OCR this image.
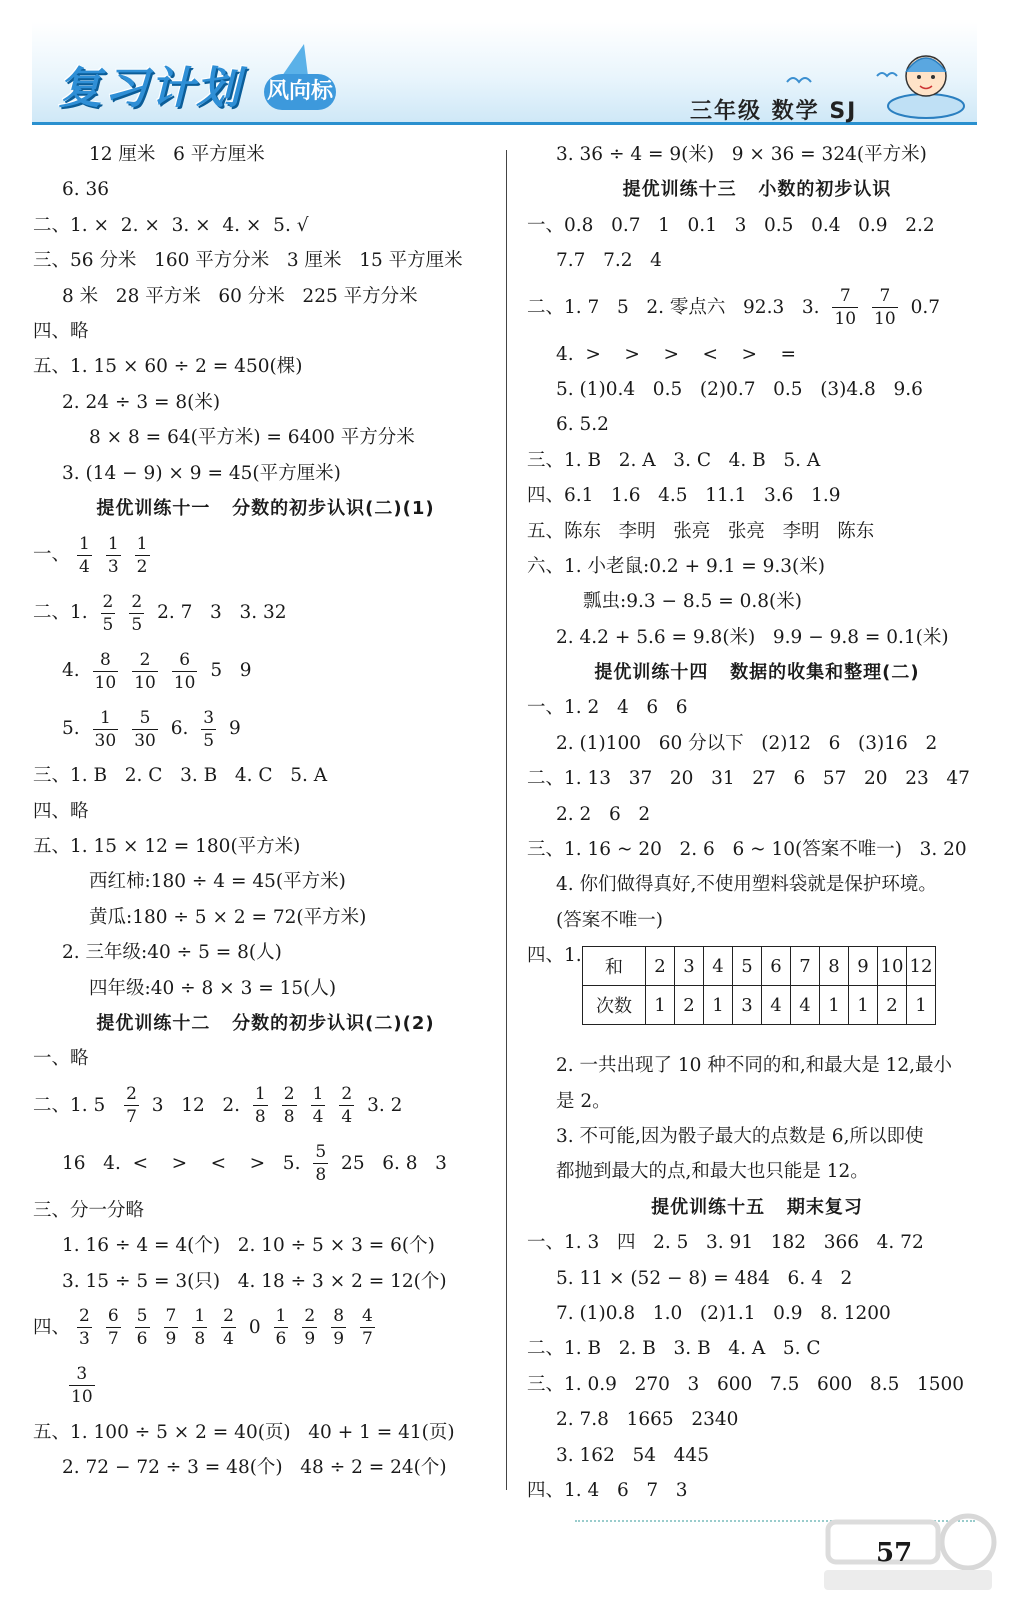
复习计划 风向标
三年级 数学 SJ
12 厘米   6 平方厘米
6. 36
二、1. ×  2. ×  3. ×  4. ×  5. √
三、56 分米   160 平方分米   3 厘米   15 平方厘米
8 米   28 平方米   60 分米   225 平方分米
四、略
五、1. 15 × 60 ÷ 2 = 450(棵)
2. 24 ÷ 3 = 8(米)
8 × 8 = 64(平方米) = 6400 平方分米
3. (14 − 9) × 9 = 45(平方厘米)
提优训练十一   分数的初步认识(二)(1)
一、 $\frac{1}{4} \frac{1}{3} \frac{1}{2}$
二、1. $\frac{2}{5} \frac{2}{5} 2$. 7   3   3. 32
4. $\frac{8}{10} \frac{2}{10} \frac{6}{10} 5$   9
5. $\frac{1}{30} \frac{5}{30} 6$. $\frac{3}{5} 9$
三、1. B   2. C   3. B   4. C   5. A
四、略
五、1. 15 × 12 = 180(平方米)
西红柿:180 ÷ 4 = 45(平方米)
黄瓜:180 ÷ 5 × 2 = 72(平方米)
2. 三年级:40 ÷ 5 = 8(人)
四年级:40 ÷ 8 × 3 = 15(人)
提优训练十二   分数的初步认识(二)(2)
一、略
二、1. $5 \frac{2}{7} 3$   12   2. $\frac{1}{8} \frac{2}{8} \frac{1}{4} \frac{2}{4} 3$. 2
16   4.  <    >    <    >   5. $\frac{5}{8} 25$   6. 8   3
三、分一分略
1. 16 ÷ 4 = 4(个)   2. 10 ÷ 5 × 3 = 6(个)
3. 15 ÷ 5 = 3(只)   4. 18 ÷ 3 × 2 = 12(个)
四、 $\frac{2}{3} \frac{6}{7} \frac{5}{6} \frac{7}{9} \frac{1}{8} \frac{2}{4} 0 \frac{1}{6} \frac{2}{9} \frac{8}{9} \frac{4}{7}$
$\frac{3}{10}$
五、1. 100 ÷ 5 × 2 = 40(页)   40 + 1 = 41(页)
2. 72 − 72 ÷ 3 = 48(个)   48 ÷ 2 = 24(个)
3. 36 ÷ 4 = 9(米)   9 × 36 = 324(平方米)
提优训练十三   小数的初步认识
一、0.8   0.7   1   0.1   3   0.5   0.4   0.9   2.2
7.7   7.2   4
二、1. 7   5   2. 零点六   92.3   3. $\frac{7}{10} \frac{7}{10} 0.7$
4.  >    >    >    <    >    =
5. (1)0.4   0.5   (2)0.7   0.5   (3)4.8   9.6
6. 5.2
三、1. B   2. A   3. C   4. B   5. A
四、6.1   1.6   4.5   11.1   3.6   1.9
五、陈东   李明   张亮   张亮   李明   陈东
六、1. 小老鼠:0.2 + 9.1 = 9.3(米)
瓢虫:9.3 − 8.5 = 0.8(米)
2. 4.2 + 5.6 = 9.8(米)   9.9 − 9.8 = 0.1(米)
提优训练十四   数据的收集和整理(二)
一、1. 2   4   6   6
2. (1)100   60 分以下   (2)12   6   (3)16   2
二、1. 13   37   20   31   27   6   57   20   23   47
2. 2   6   2
三、1. 16 ~ 20   2. 6   6 ~ 10(答案不唯一)   3. 20
4. 你们做得真好,不使用塑料袋就是保护环境。
(答案不唯一)
四、1.
2. 一共出现了 10 种不同的和,和最大是 12,最小
是 2。
3. 不可能,因为骰子最大的点数是 6,所以即使
都抛到最大的点,和最大也只能是 12。
提优训练十五   期末复习
一、1. 3   四   2. 5   3. 91   182   366   4. 72
5. 11 × (52 − 8) = 484   6. 4   2
7. (1)0.8   1.0   (2)1.1   0.9   8. 1200
二、1. B   2. B   3. B   4. A   5. C
三、1. 0.9   270   3   600   7.5   600   8.5   1500
2. 7.8   1665   2340
3. 162   54   445
四、1. 4   6   7   3
和	2	3	4	5	6	7	8	9	10	12
次数	1	2	1	3	4	4	1	1	2	1
57
